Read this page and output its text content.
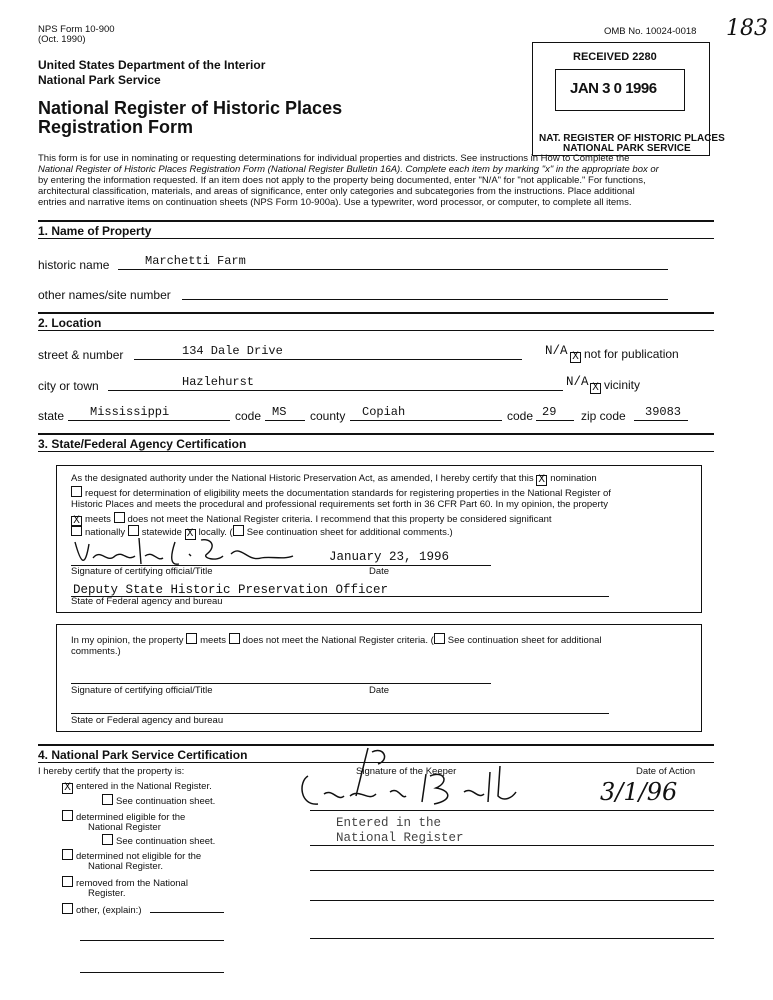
NPS Form 10-900
(Oct. 1990)
OMB No. 10024-0018 183
United States Department of the Interior
National Park Service
National Register of Historic Places
Registration Form
RECEIVED 2280
JAN 3 0 1996
NAT. REGISTER OF HISTORIC PLACES
NATIONAL PARK SERVICE
This form is for use in nominating or requesting determinations for individual properties and districts. See instructions in How to Complete the
National Register of Historic Places Registration Form (National Register Bulletin 16A). Complete each item by marking "x" in the appropriate box or
by entering the information requested. If an item does not apply to the property being documented, enter "N/A" for "not applicable." For functions,
architectural classification, materials, and areas of significance, enter only categories and subcategories from the instructions. Place additional
entries and narrative items on continuation sheets (NPS Form 10-900a). Use a typewriter, word processor, or computer, to complete all items.
1. Name of Property
historic name	Marchetti Farm
other names/site number
2. Location
street & number	134 Dale Drive	N/A X not for publication
city or town	Hazlehurst	N/A X vicinity
state Mississippi	code MS county Copiah	code 29 zip code 39083
3. State/Federal Agency Certification
As the designated authority under the National Historic Preservation Act, as amended, I hereby certify that this X nomination
request for determination of eligibility meets the documentation standards for registering properties in the National Register of
Historic Places and meets the procedural and professional requirements set forth in 36 CFR Part 60. In my opinion, the property
X meets does not meet the National Register criteria. I recommend that this property be considered significant
nationally statewide X locally. ( See continuation sheet for additional comments.)
January 23, 1996
Signature of certifying official/Title	Date
Deputy State Historic Preservation Officer
State of Federal agency and bureau
In my opinion, the property meets does not meet the National Register criteria. ( See continuation sheet for additional
comments.)
Signature of certifying official/Title	Date
State or Federal agency and bureau
4. National Park Service Certification
I hereby certify that the property is:	Signature of the Keeper	Date of Action
X entered in the National Register.
See continuation sheet.
determined eligible for the
National Register
See continuation sheet.
determined not eligible for the
National Register.
removed from the National
Register.
other, (explain:)
3/1/96
Entered in the
National Register
